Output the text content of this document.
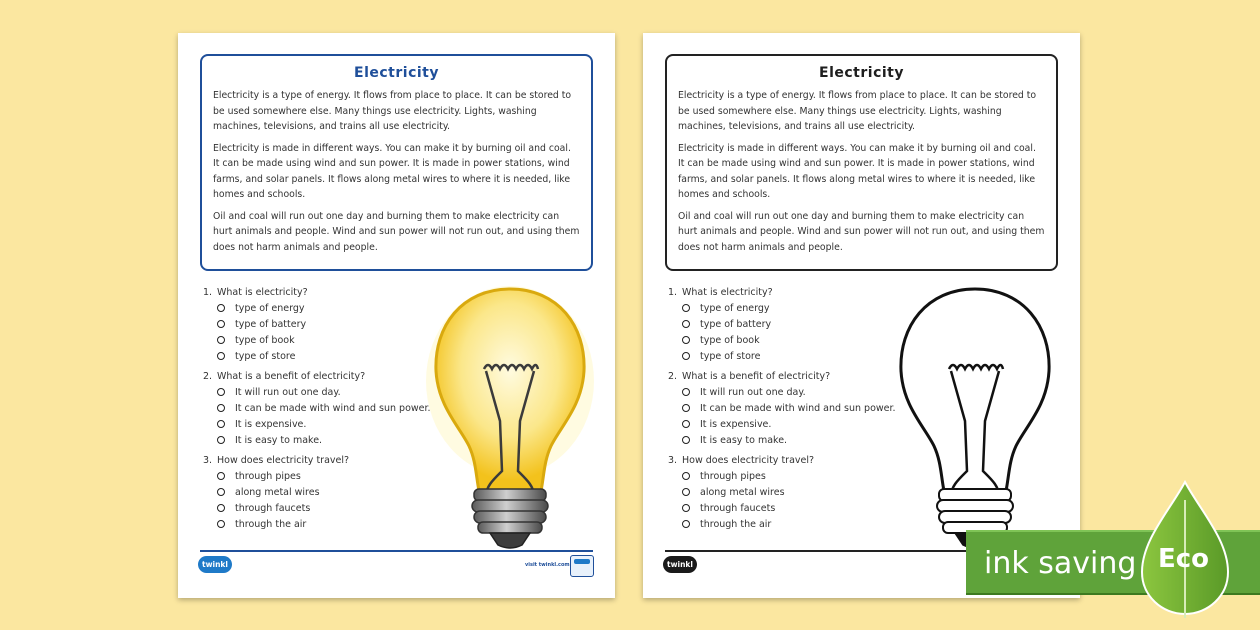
Electricity

Electricity is a type of energy. It flows from place to place. It can be stored to be used somewhere else. Many things use electricity. Lights, washing machines, televisions, and trains all use electricity.

Electricity is made in different ways. You can make it by burning oil and coal. It can be made using wind and sun power. It is made in power stations, wind farms, and solar panels. It flows along metal wires to where it is needed, like homes and schools.

Oil and coal will run out one day and burning them to make electricity can hurt animals and people. Wind and sun power will not run out, and using them does not harm animals and people.

1. What is electricity?
type of energy
type of battery
type of book
type of store
2. What is a benefit of electricity?
It will run out one day.
It can be made with wind and sun power.
It is expensive.
It is easy to make.
3. How does electricity travel?
through pipes
along metal wires
through faucets
through the air
twinkl	visit twinkl.com
Electricity

Electricity is a type of energy. It flows from place to place. It can be stored to be used somewhere else. Many things use electricity. Lights, washing machines, televisions, and trains all use electricity.

Electricity is made in different ways. You can make it by burning oil and coal. It can be made using wind and sun power. It is made in power stations, wind farms, and solar panels. It flows along metal wires to where it is needed, like homes and schools.

Oil and coal will run out one day and burning them to make electricity can hurt animals and people. Wind and sun power will not run out, and using them does not harm animals and people.

1. What is electricity?
type of energy
type of battery
type of book
type of store
2. What is a benefit of electricity?
It will run out one day.
It can be made with wind and sun power.
It is expensive.
It is easy to make.
3. How does electricity travel?
through pipes
along metal wires
through faucets
through the air
twinkl	ink saving Eco
